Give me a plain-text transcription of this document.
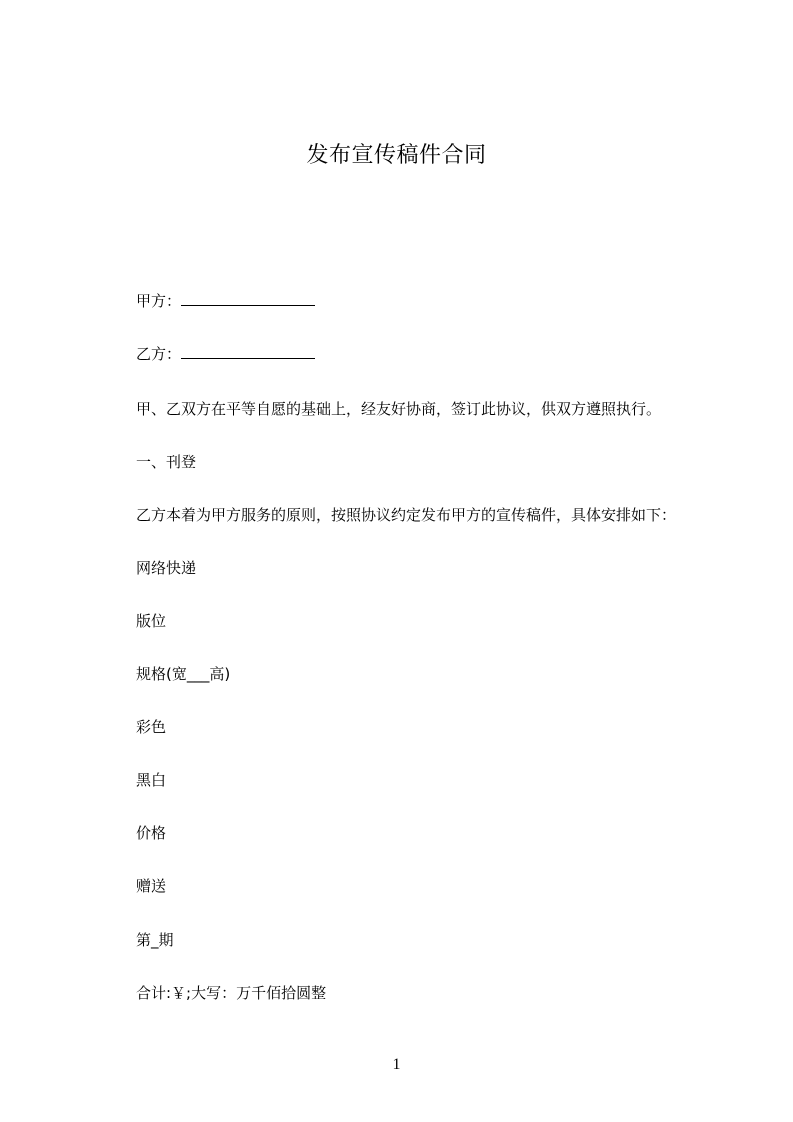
发布宣传稿件合同
甲方：
乙方：
甲、乙双方在平等自愿的基础上，经友好协商，签订此协议，供双方遵照执行。
一、刊登
乙方本着为甲方服务的原则，按照协议约定发布甲方的宣传稿件，具体安排如下：
网络快递
版位
规格(宽___高)
彩色
黑白
价格
赠送
第_期
合计:￥;大写：万千佰拾圆整
1
